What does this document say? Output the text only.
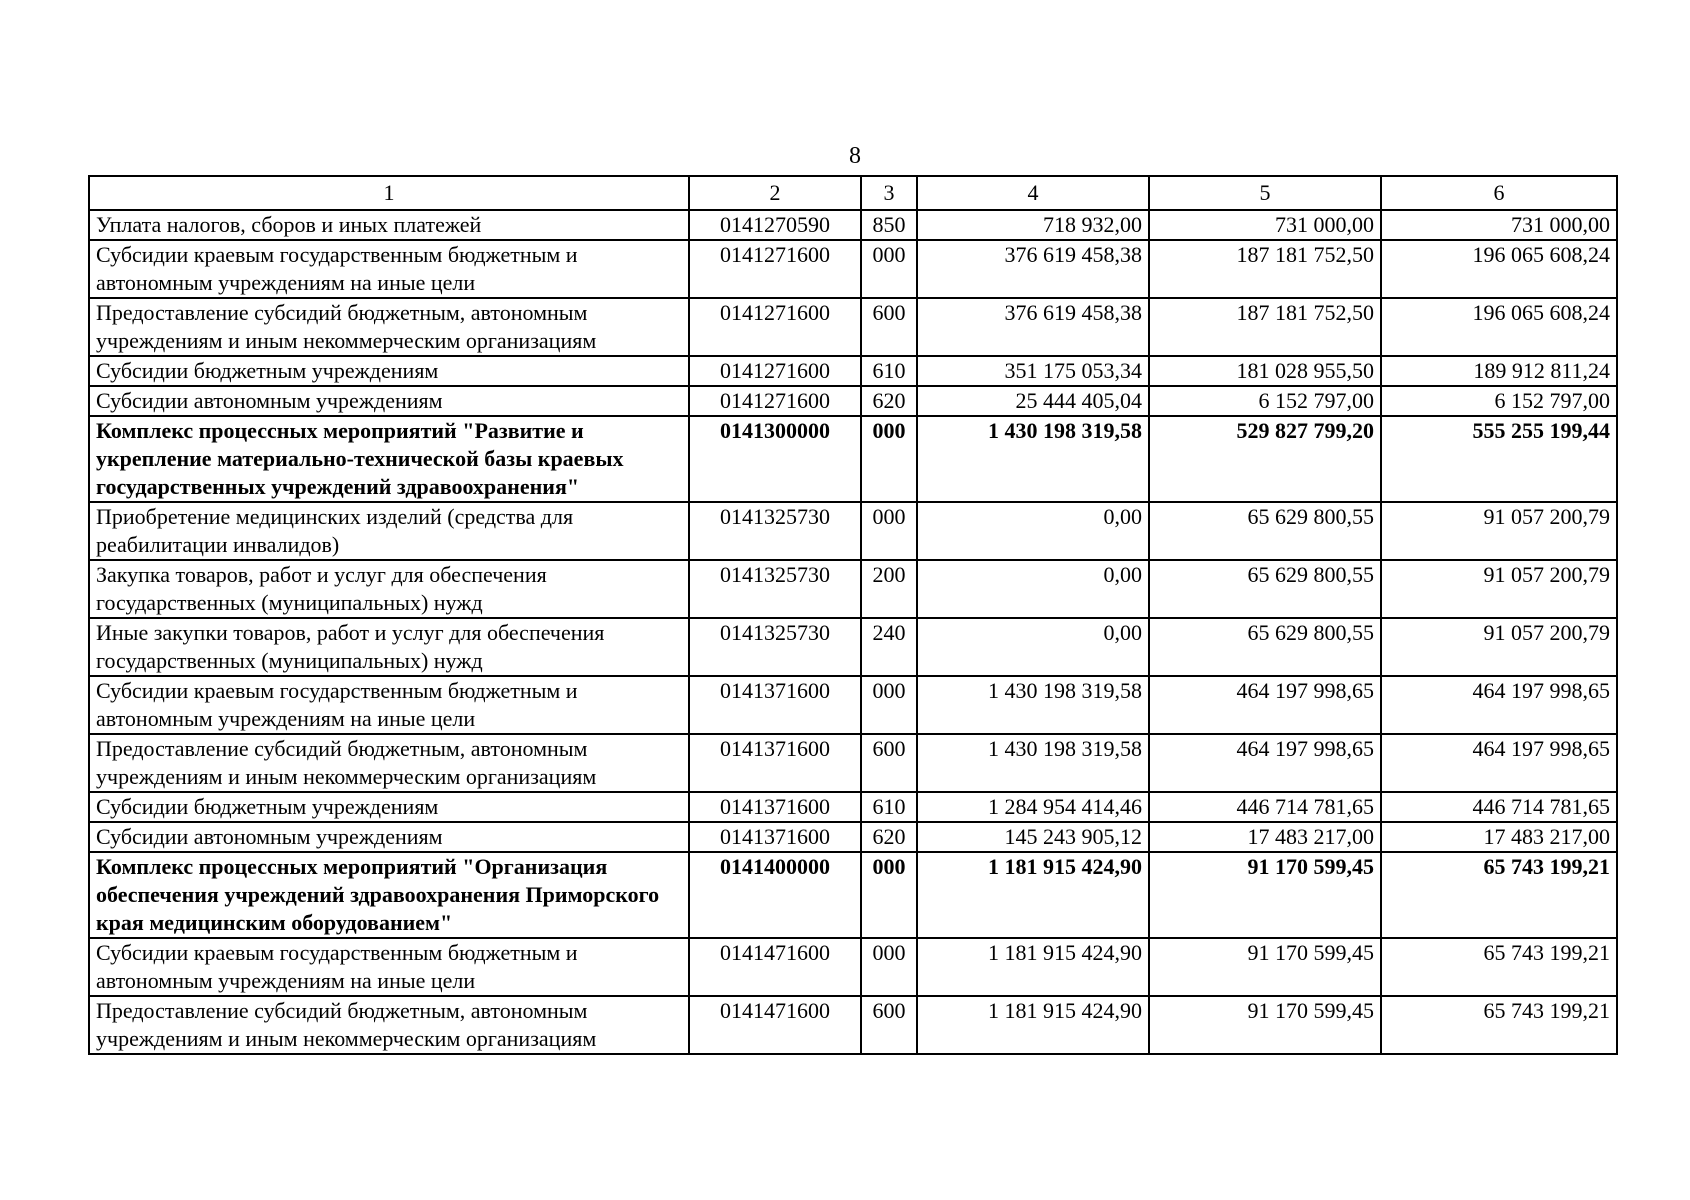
8
1	2	3	4	5	6
Уплата налогов, сборов и иных платежей	0141270590	850	718 932,00	731 000,00	731 000,00
Субсидии краевым государственным бюджетным и автономным учреждениям на иные цели	0141271600	000	376 619 458,38	187 181 752,50	196 065 608,24
Предоставление субсидий бюджетным, автономным учреждениям и иным некоммерческим организациям	0141271600	600	376 619 458,38	187 181 752,50	196 065 608,24
Субсидии бюджетным учреждениям	0141271600	610	351 175 053,34	181 028 955,50	189 912 811,24
Субсидии автономным учреждениям	0141271600	620	25 444 405,04	6 152 797,00	6 152 797,00
Комплекс процессных мероприятий "Развитие и укрепление материально-технической базы краевых государственных учреждений здравоохранения"	0141300000	000	1 430 198 319,58	529 827 799,20	555 255 199,44
Приобретение медицинских изделий (средства для реабилитации инвалидов)	0141325730	000	0,00	65 629 800,55	91 057 200,79
Закупка товаров, работ и услуг для обеспечения государственных (муниципальных) нужд	0141325730	200	0,00	65 629 800,55	91 057 200,79
Иные закупки товаров, работ и услуг для обеспечения государственных (муниципальных) нужд	0141325730	240	0,00	65 629 800,55	91 057 200,79
Субсидии краевым государственным бюджетным и автономным учреждениям на иные цели	0141371600	000	1 430 198 319,58	464 197 998,65	464 197 998,65
Предоставление субсидий бюджетным, автономным учреждениям и иным некоммерческим организациям	0141371600	600	1 430 198 319,58	464 197 998,65	464 197 998,65
Субсидии бюджетным учреждениям	0141371600	610	1 284 954 414,46	446 714 781,65	446 714 781,65
Субсидии автономным учреждениям	0141371600	620	145 243 905,12	17 483 217,00	17 483 217,00
Комплекс процессных мероприятий "Организация обеспечения учреждений здравоохранения Приморского края медицинским оборудованием"	0141400000	000	1 181 915 424,90	91 170 599,45	65 743 199,21
Субсидии краевым государственным бюджетным и автономным учреждениям на иные цели	0141471600	000	1 181 915 424,90	91 170 599,45	65 743 199,21
Предоставление субсидий бюджетным, автономным учреждениям и иным некоммерческим организациям	0141471600	600	1 181 915 424,90	91 170 599,45	65 743 199,21
